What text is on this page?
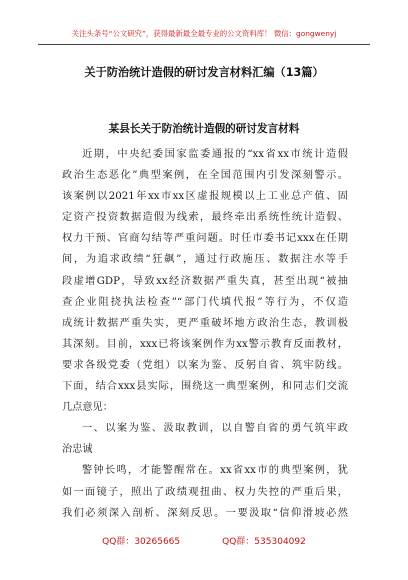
关注头条号“公文研究”，获得最新最全最专业的公文资料库！ 微信：gongwenyj
关于防治统计造假的研讨发言材料汇编（13篇）
某县长关于防治统计造假的研讨发言材料
近期，中央纪委国家监委通报的“xx省xx市统计造假
政治生态恶化”典型案例，在全国范围内引发深刻警示。
该案例以2021年xx市xx区虚报规模以上工业总产值、固
定资产投资数据造假为线索，最终牵出系统性统计造假、
权力干预、官商勾结等严重问题。时任市委书记xxx在任期
间，为追求政绩“狂飙”，通过行政施压、数据注水等手
段虚增GDP，导致xx经济数据严重失真，甚至出现“被抽
查企业阻挠执法检查”“部门代填代报”等行为，不仅造
成统计数据严重失实，更严重破坏地方政治生态，教训极
其深刻。目前，xxx已将该案例作为xx警示教育反面教材，
要求各级党委（党组）以案为鉴、反躬自省、筑牢防线。
下面，结合xxx县实际，围绕这一典型案例，和同志们交流
几点意见：
一、以案为鉴、汲取教训，以自警自省的勇气筑牢政
治忠诚
警钟长鸣，才能警醒常在。xx省xx市的典型案例，犹
如一面镜子，照出了政绩观扭曲、权力失控的严重后果，
我们必须深入剖析、深刻反思。一要汲取“信仰滑坡必然
QQ群：30265665	QQ群：535304092
